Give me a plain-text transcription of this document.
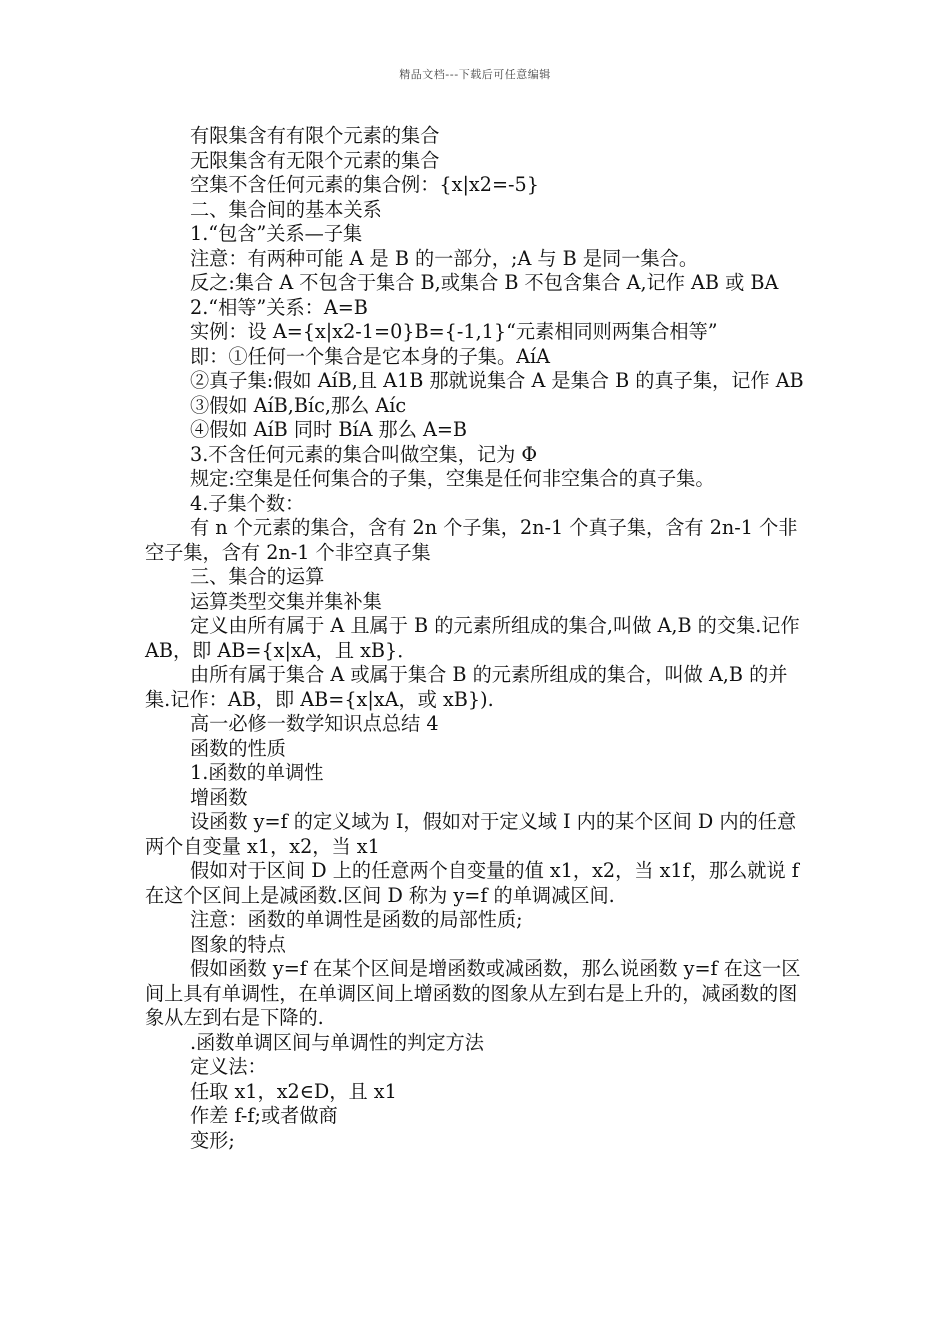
精品文档---下载后可任意编辑

有限集含有有限个元素的集合

无限集含有无限个元素的集合

空集不含任何元素的集合例：{x|x2=-5}

二、集合间的基本关系

1.“包含”关系—子集

注意：有两种可能 A 是 B 的一部分，;A 与 B 是同一集合。

反之:集合 A 不包含于集合 B,或集合 B 不包含集合 A,记作 AB 或 BA

2.“相等”关系：A=B

实例：设 A={x|x2-1=0}B={-1,1}“元素相同则两集合相等”

即：①任何一个集合是它本身的子集。AíA

②真子集:假如 AíB,且 A1B 那就说集合 A 是集合 B 的真子集，记作 AB

③假如 AíB,Bíc,那么 Aíc

④假如 AíB 同时 BíA 那么 A=B

3.不含任何元素的集合叫做空集，记为 Φ

规定:空集是任何集合的子集，空集是任何非空集合的真子集。

4.子集个数：

有 n 个元素的集合，含有 2n 个子集，2n-1 个真子集，含有 2n-1 个非空子集，含有 2n-1 个非空真子集

三、集合的运算

运算类型交集并集补集

定义由所有属于 A 且属于 B 的元素所组成的集合,叫做 A,B 的交集.记作 AB，即 AB={x|xA，且 xB}．

由所有属于集合 A 或属于集合 B 的元素所组成的集合，叫做 A,B 的并集.记作：AB，即 AB={x|xA，或 xB}).

高一必修一数学知识点总结 4

函数的性质

1.函数的单调性

增函数

设函数 y=f 的定义域为 I，假如对于定义域 I 内的某个区间 D 内的任意两个自变量 x1，x2，当 x1

假如对于区间 D 上的任意两个自变量的值 x1，x2，当 x1f，那么就说 f 在这个区间上是减函数.区间 D 称为 y=f 的单调减区间.

注意：函数的单调性是函数的局部性质;

图象的特点

假如函数 y=f 在某个区间是增函数或减函数，那么说函数 y=f 在这一区间上具有单调性，在单调区间上增函数的图象从左到右是上升的，减函数的图象从左到右是下降的.

.函数单调区间与单调性的判定方法

定义法：

任取 x1，x2∈D，且 x1

作差 f-f;或者做商

变形;
